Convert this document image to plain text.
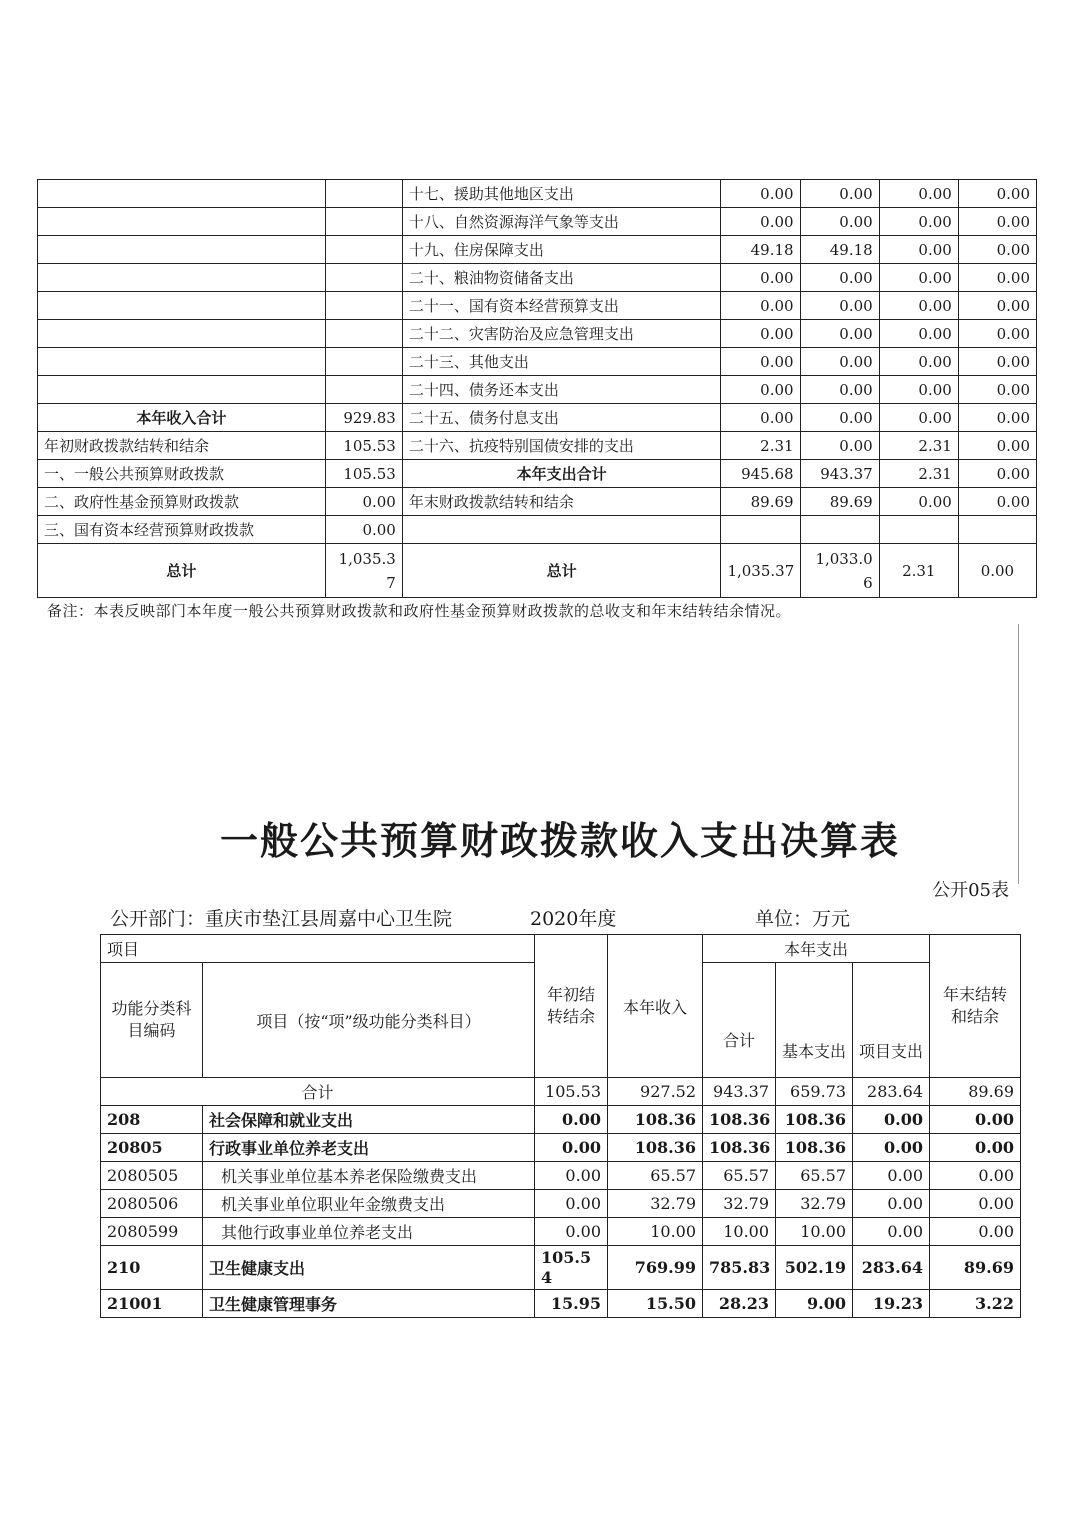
		十七、援助其他地区支出	0.00	0.00	0.00	0.00
		十八、自然资源海洋气象等支出	0.00	0.00	0.00	0.00
		十九、住房保障支出	49.18	49.18	0.00	0.00
		二十、粮油物资储备支出	0.00	0.00	0.00	0.00
		二十一、国有资本经营预算支出	0.00	0.00	0.00	0.00
		二十二、灾害防治及应急管理支出	0.00	0.00	0.00	0.00
		二十三、其他支出	0.00	0.00	0.00	0.00
		二十四、债务还本支出	0.00	0.00	0.00	0.00
本年收入合计	929.83	二十五、债务付息支出	0.00	0.00	0.00	0.00
年初财政拨款结转和结余	105.53	二十六、抗疫特别国债安排的支出	2.31	0.00	2.31	0.00
一、一般公共预算财政拨款	105.53	本年支出合计	945.68	943.37	2.31	0.00
二、政府性基金预算财政拨款	0.00	年末财政拨款结转和结余	89.69	89.69	0.00	0.00
三、国有资本经营预算财政拨款	0.00					
总计	1,035.37	总计	1,035.37	1,033.06	2.31	0.00
备注：本表反映部门本年度一般公共预算财政拨款和政府性基金预算财政拨款的总收支和年末结转结余情况。
一般公共预算财政拨款收入支出决算表
公开05表
公开部门：重庆市垫江县周嘉中心卫生院	2020年度	单位：万元
项目		年初结转结余	本年收入	本年支出			年末结转和结余
功能分类科目编码	项目（按“项”级功能分类科目）			合计	基本支出	项目支出	
合计		105.53	927.52	943.37	659.73	283.64	89.69
208	社会保障和就业支出	0.00	108.36	108.36	108.36	0.00	0.00
20805	行政事业单位养老支出	0.00	108.36	108.36	108.36	0.00	0.00
2080505	机关事业单位基本养老保险缴费支出	0.00	65.57	65.57	65.57	0.00	0.00
2080506	机关事业单位职业年金缴费支出	0.00	32.79	32.79	32.79	0.00	0.00
2080599	其他行政事业单位养老支出	0.00	10.00	10.00	10.00	0.00	0.00
210	卫生健康支出	105.54	769.99	785.83	502.19	283.64	89.69
21001	卫生健康管理事务	15.95	15.50	28.23	9.00	19.23	3.22
